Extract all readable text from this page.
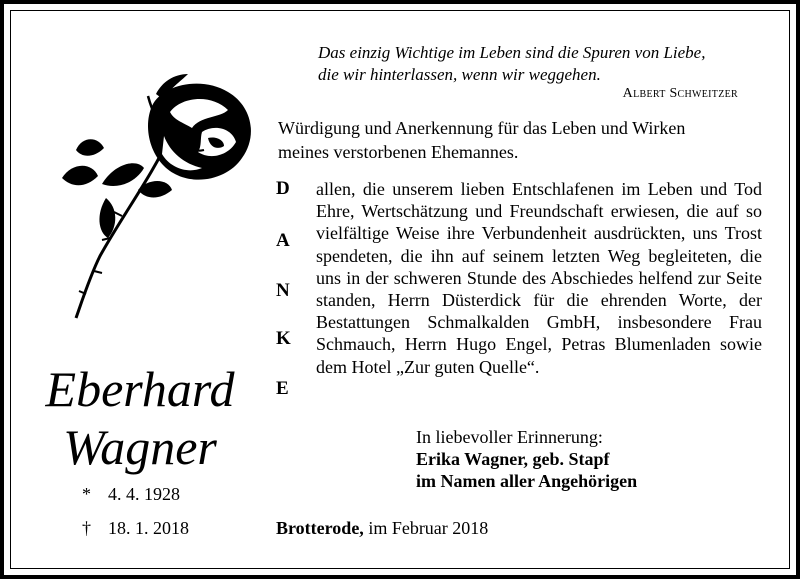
Das einzig Wichtige im Leben sind die Spuren von Liebe,
die wir hinterlassen, wenn wir weggehen.
Albert Schweitzer
Würdigung und Anerkennung für das Leben und Wirken
meines verstorbenen Ehemannes.
D
A
N
K
E
allen, die unserem lieben Entschlafenen im Leben und Tod Ehre, Wertschätzung und Freundschaft erwiesen, die auf so vielfältige Weise ihre Verbundenheit ausdrückten, uns Trost spendeten, die ihn auf seinem letzten Weg begleiteten, die uns in der schweren Stunde des Abschiedes helfend zur Seite standen, Herrn Düsterdick für die ehrenden Worte, der Bestattungen Schmalkalden GmbH, insbesondere Frau Schmauch, Herrn Hugo Engel, Petras Blumenladen sowie dem Hotel „Zur guten Quelle“.
Eberhard
Wagner
* 4. 4. 1928
† 18. 1. 2018
In liebevoller Erinnerung:
Erika Wagner, geb. Stapf
im Namen aller Angehörigen
Brotterode, im Februar 2018
